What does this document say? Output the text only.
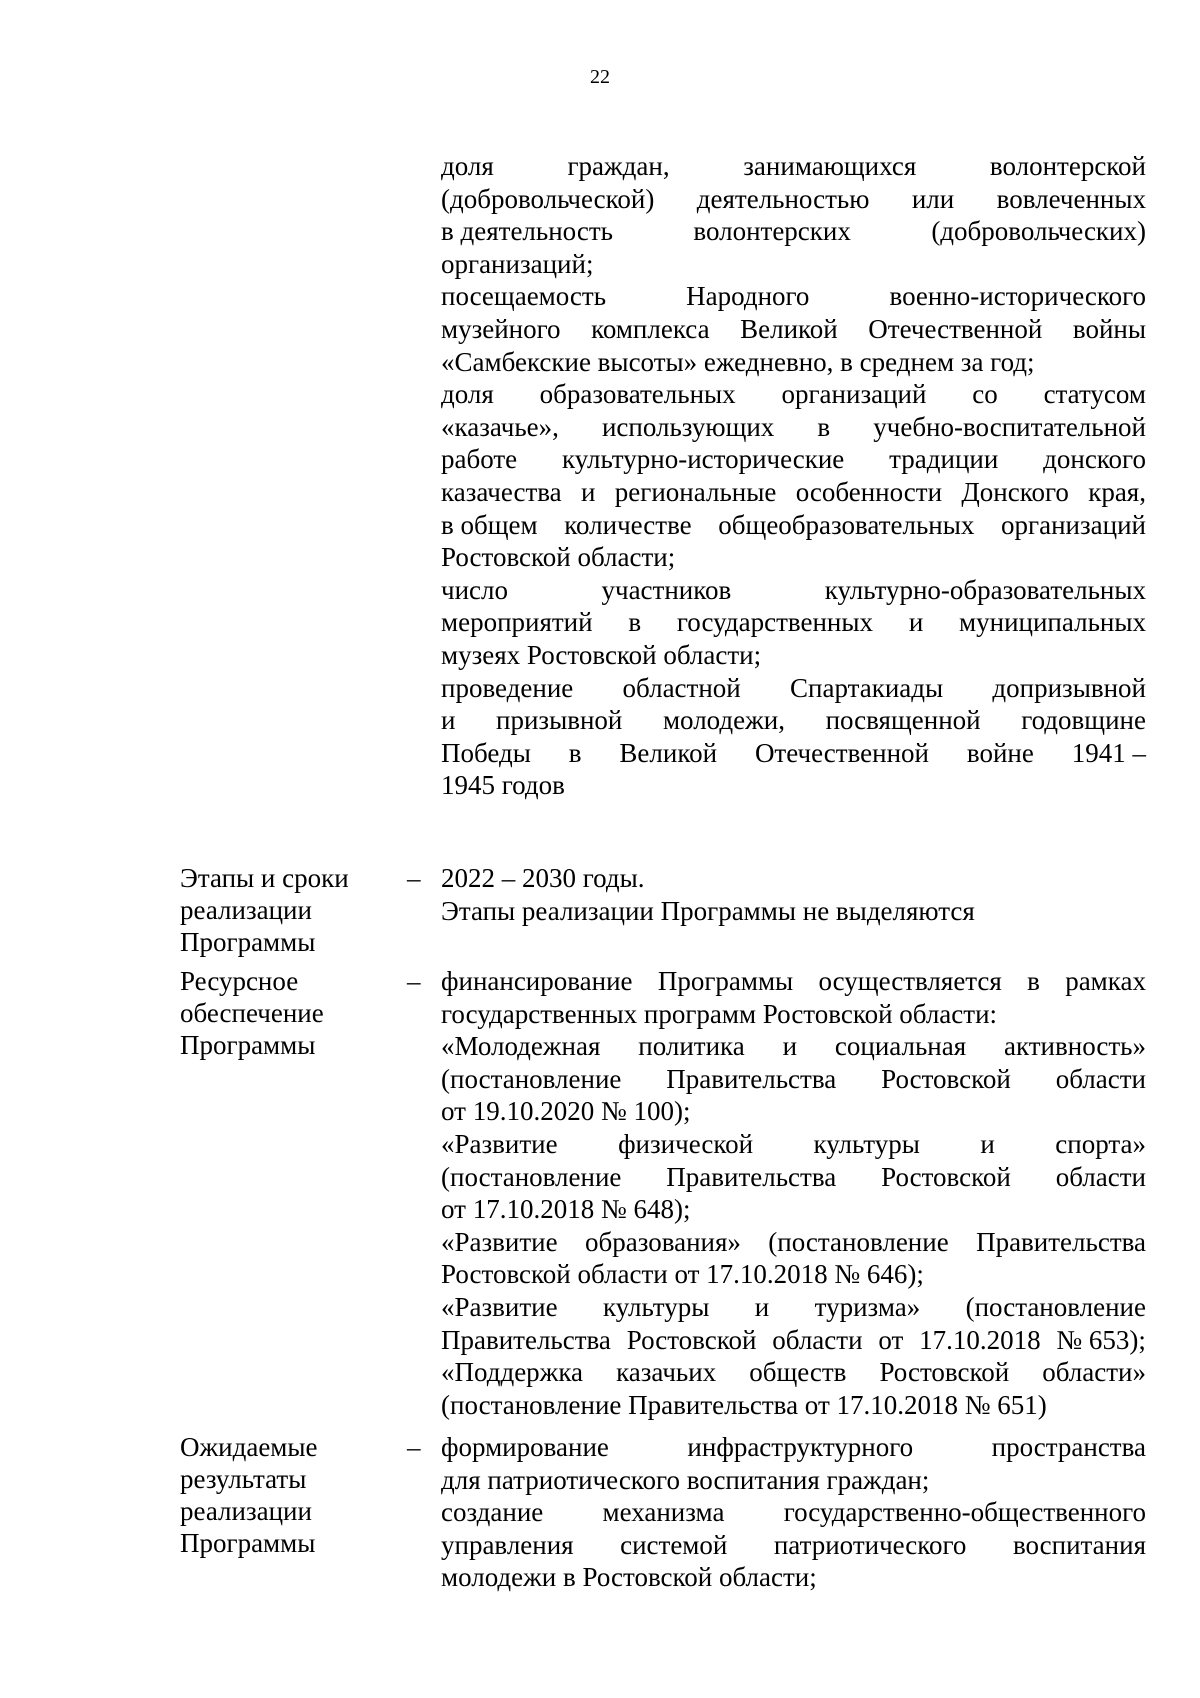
22
доля	граждан,	занимающихся	волонтерской
(добровольческой) деятельностью или вовлеченных
в деятельность	волонтерских	(добровольческих)
организаций;
посещаемость	Народного	военно-исторического
музейного комплекса Великой Отечественной войны
«Самбекские высоты» ежедневно, в среднем за год;
доля образовательных организаций со статусом
«казачье», использующих в учебно-воспитательной
работе культурно-исторические традиции донского
казачества и региональные особенности Донского края,
в общем количестве общеобразовательных организаций
Ростовской области;
число	участников	культурно-образовательных
мероприятий в государственных и муниципальных
музеях Ростовской области;
проведение областной Спартакиады допризывной
и призывной молодежи, посвященной годовщине
Победы в Великой Отечественной войне 1941 –
1945 годов
Этапы и сроки
реализации
Программы
– 2022 – 2030 годы.
Этапы реализации Программы не выделяются
Ресурсное
обеспечение
Программы
– финансирование Программы осуществляется в рамках
государственных программ Ростовской области:
«Молодежная политика и социальная активность»
(постановление Правительства Ростовской области
от 19.10.2020 № 100);
«Развитие физической культуры и спорта»
(постановление Правительства Ростовской области
от 17.10.2018 № 648);
«Развитие образования» (постановление Правительства
Ростовской области от 17.10.2018 № 646);
«Развитие культуры и туризма» (постановление
Правительства Ростовской области от 17.10.2018 № 653);
«Поддержка казачьих обществ Ростовской области»
(постановление Правительства от 17.10.2018 № 651)
Ожидаемые
результаты
реализации
Программы
– формирование	инфраструктурного	пространства
для патриотического воспитания граждан;
создание механизма государственно-общественного
управления системой патриотического воспитания
молодежи в Ростовской области;
